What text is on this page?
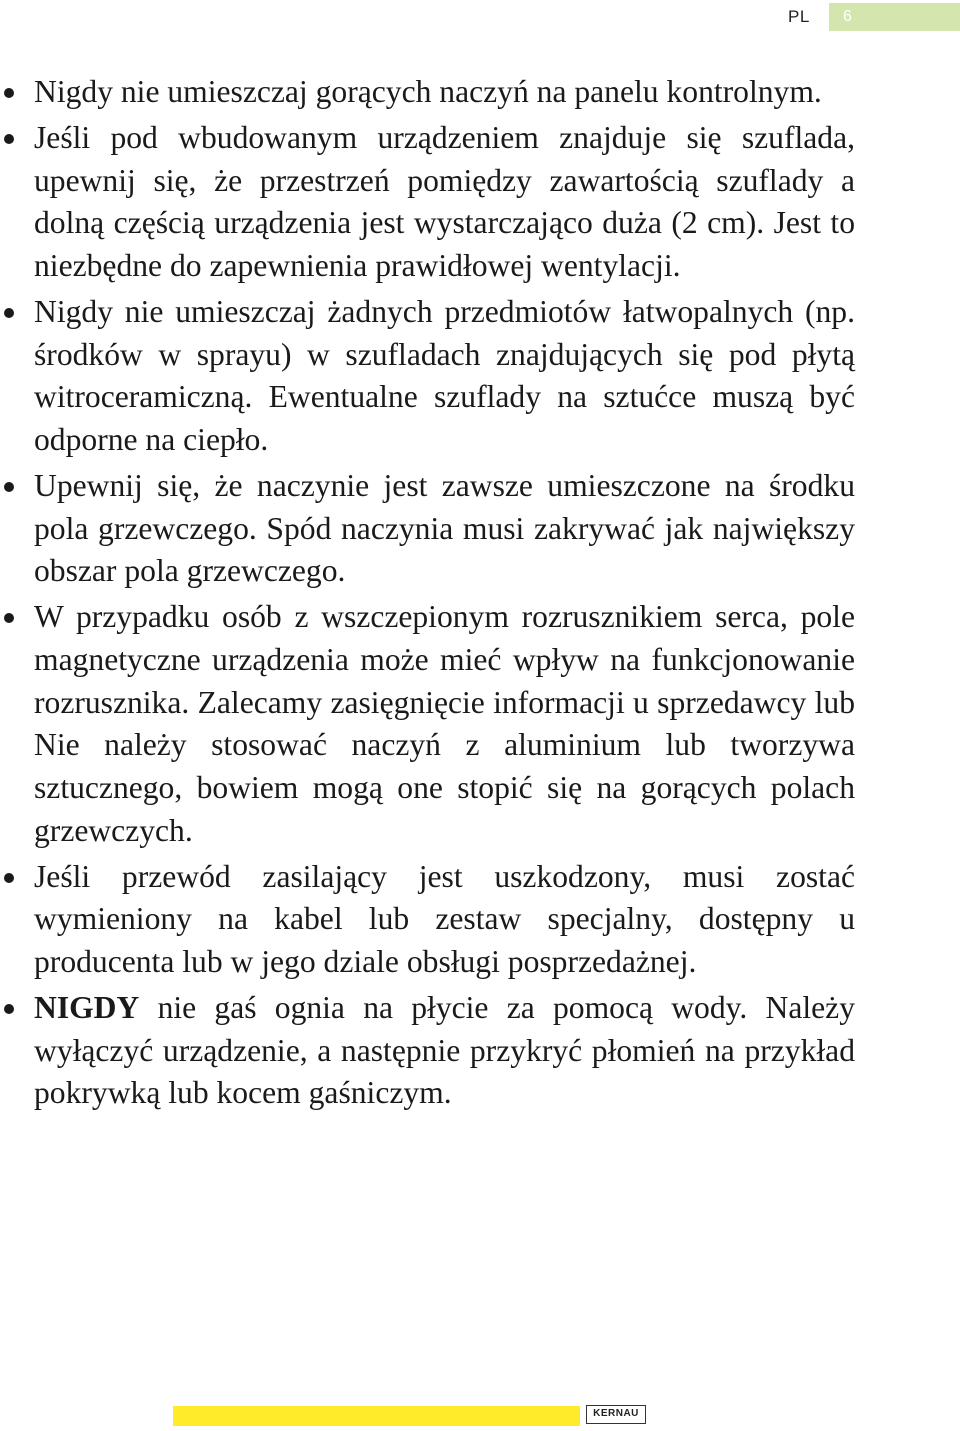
PL 6
Nigdy nie umieszczaj gorących naczyń na panelu kontrolnym.
Jeśli pod wbudowanym urządzeniem znajduje się szuflada, upewnij się, że przestrzeń pomiędzy zawartością szuflady a dolną częścią urządzenia jest wystarczająco duża (2 cm). Jest to niezbędne do zapewnienia prawidłowej wentylacji.
Nigdy nie umieszczaj żadnych przedmiotów łatwopalnych (np. środków w sprayu) w szufladach znajdujących się pod płytą witroceramiczną. Ewentualne szuflady na sztućce muszą być odporne na ciepło.
Upewnij się, że naczynie jest zawsze umieszczone na środku pola grzewczego. Spód naczynia musi zakrywać jak największy obszar pola grzewczego.
W przypadku osób z wszczepionym rozrusznikiem serca, pole magnetyczne urządzenia może mieć wpływ na funkcjonowanie rozrusznika. Zalecamy zasięgnięcie informacji u sprzedawcy lub Nie należy stosować naczyń z aluminium lub tworzywa sztucznego, bowiem mogą one stopić się na gorących polach grzewczych.
Jeśli przewód zasilający jest uszkodzony, musi zostać wymieniony na kabel lub zestaw specjalny, dostępny u producenta lub w jego dziale obsługi posprzedażnej.
NIGDY nie gaś ognia na płycie za pomocą wody. Należy wyłączyć urządzenie, a następnie przykryć płomień na przykład pokrywką lub kocem gaśniczym.
KERNAU
